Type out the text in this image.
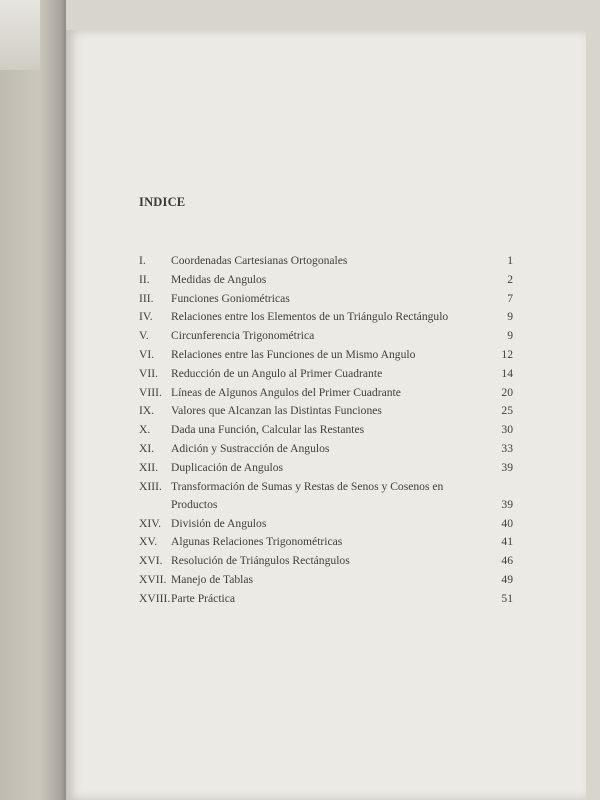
INDICE
I. Coordenadas Cartesianas Ortogonales	1
II. Medidas de Angulos	2
III. Funciones Goniométricas	7
IV. Relaciones entre los Elementos de un Triángulo Rectángulo	9
V. Circunferencia Trigonométrica	9
VI. Relaciones entre las Funciones de un Mismo Angulo	12
VII. Reducción de un Angulo al Primer Cuadrante	14
VIII. Líneas de Algunos Angulos del Primer Cuadrante	20
IX. Valores que Alcanzan las Distintas Funciones	25
X. Dada una Función, Calcular las Restantes	30
XI. Adición y Sustracción de Angulos	33
XII. Duplicación de Angulos	39
XIII. Transformación de Sumas y Restas de Senos y Cosenos en
Productos	39
XIV. División de Angulos	40
XV. Algunas Relaciones Trigonométricas	41
XVI. Resolución de Triángulos Rectángulos	46
XVII. Manejo de Tablas	49
XVIII. Parte Práctica	51
